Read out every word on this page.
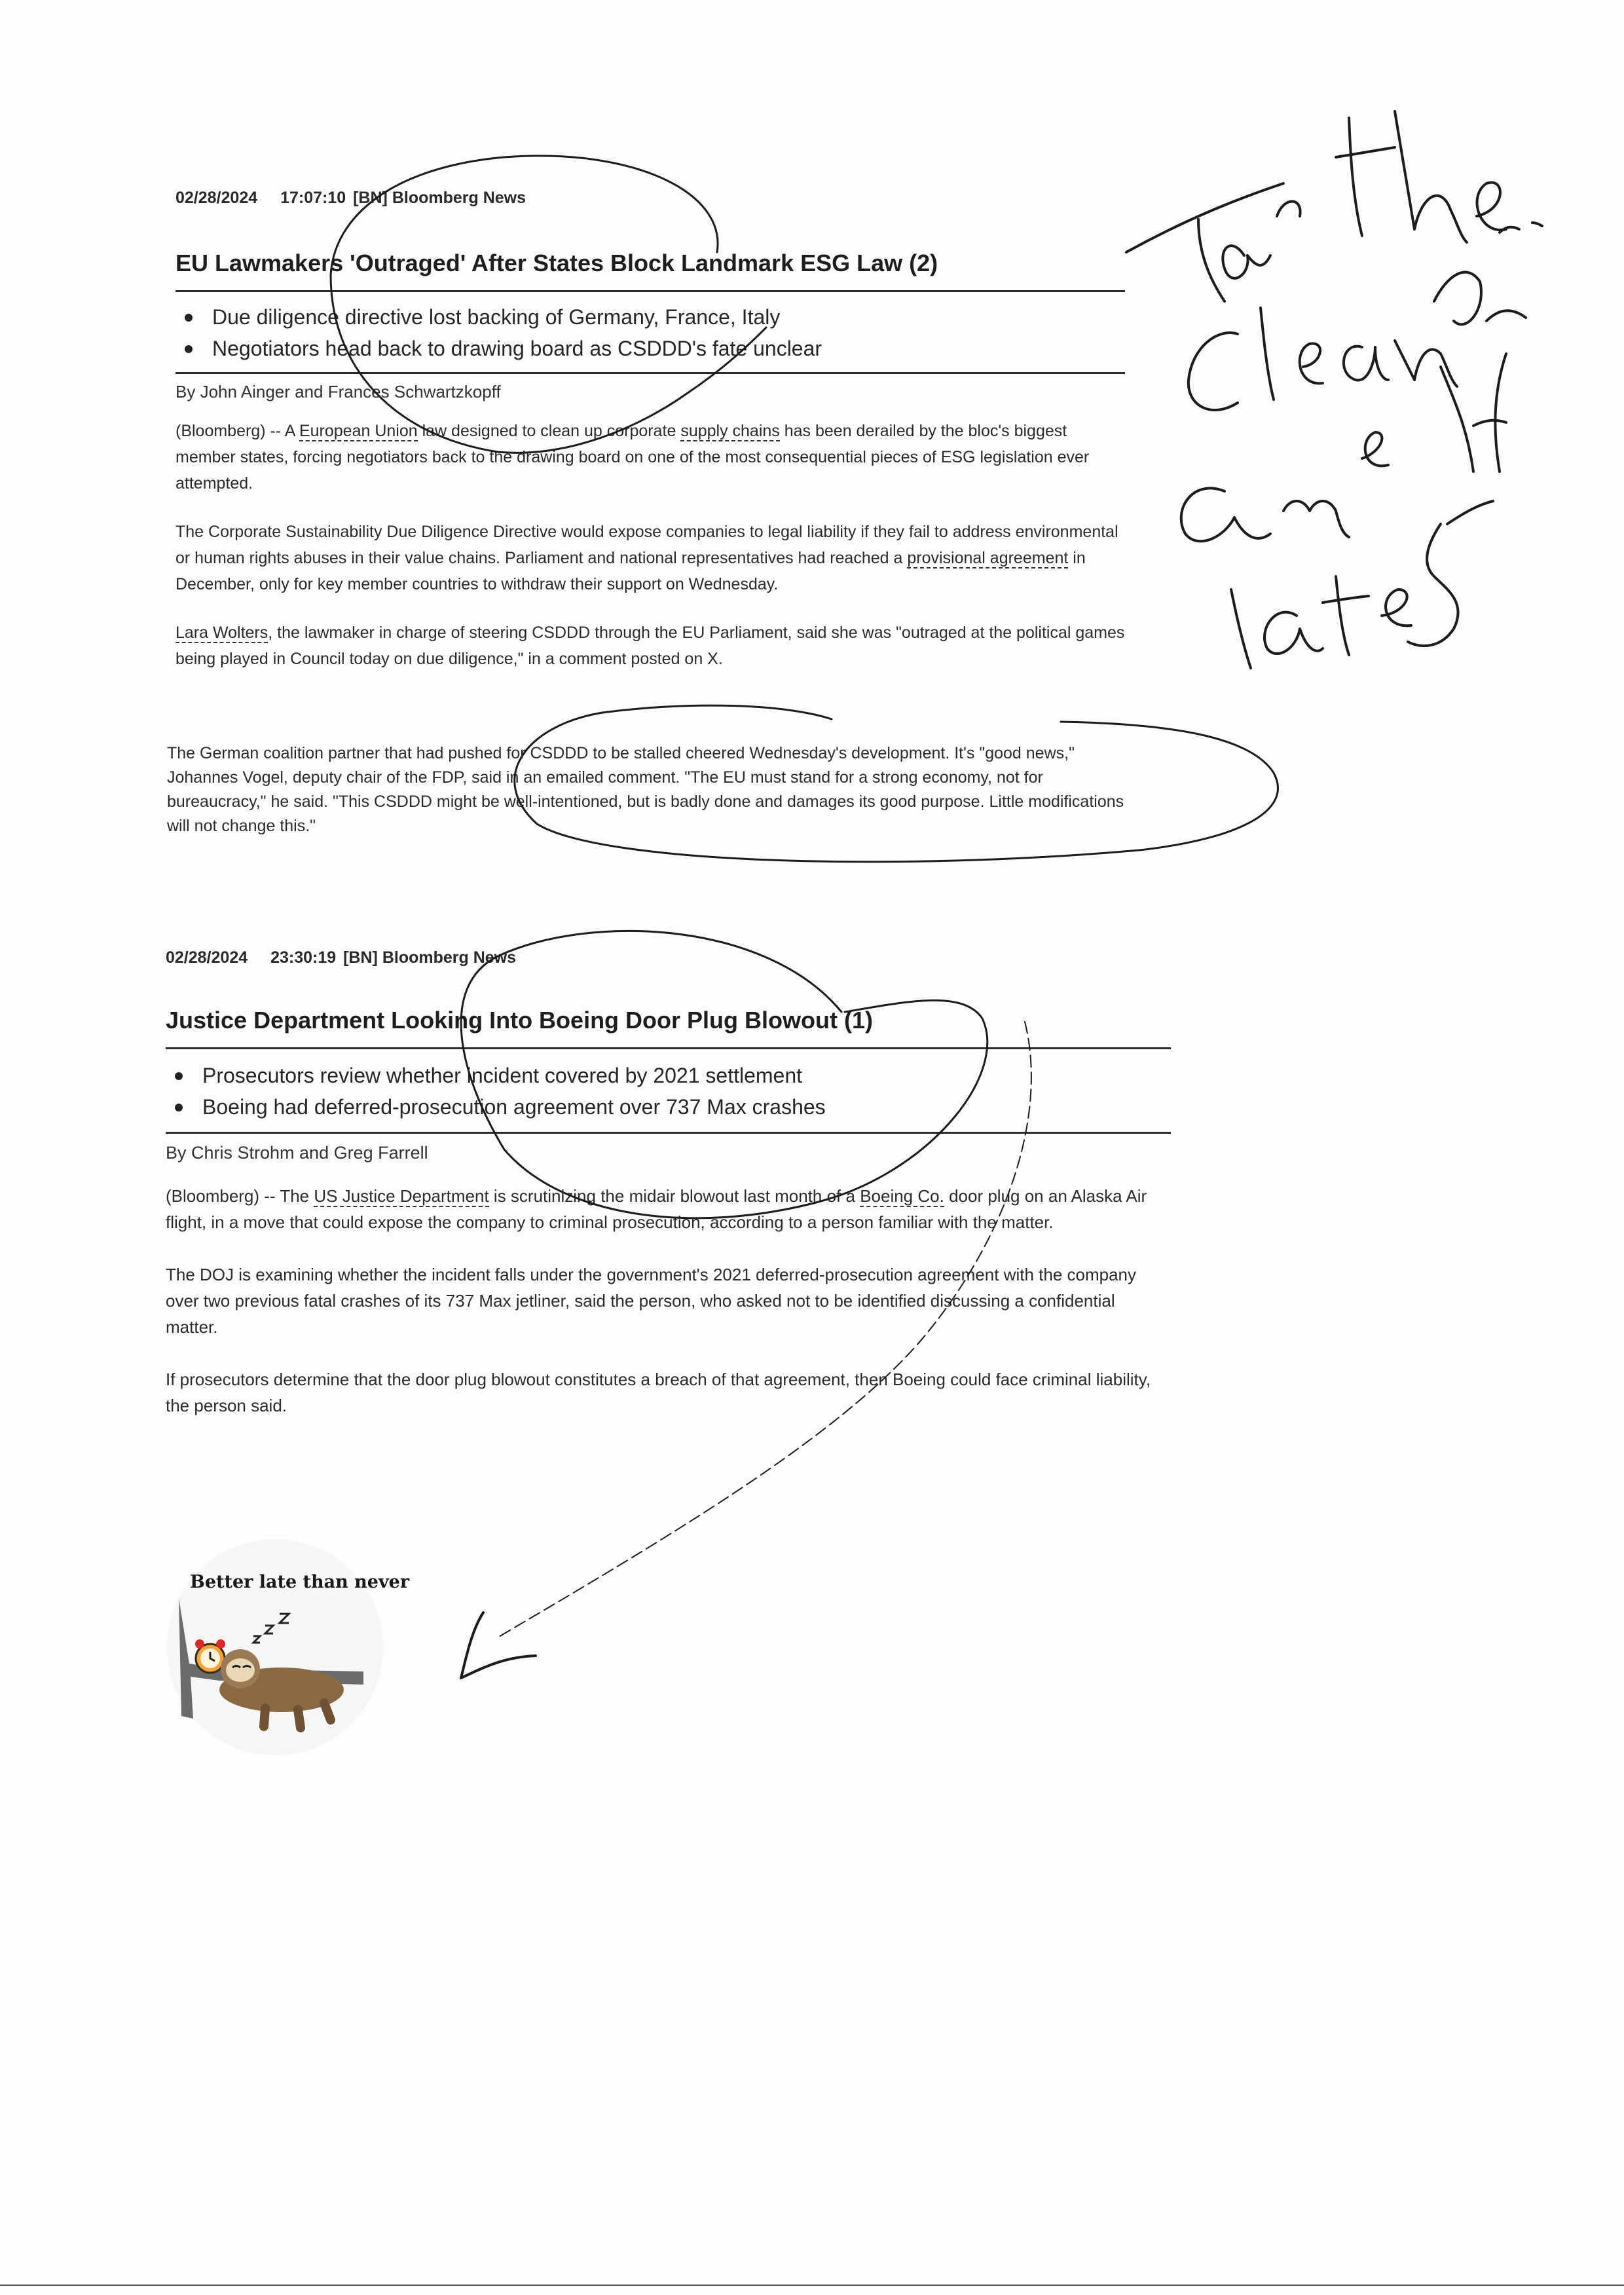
02/28/2024 17:07:10 [BN] Bloomberg News
EU Lawmakers 'Outraged' After States Block Landmark ESG Law (2)
Due diligence directive lost backing of Germany, France, Italy
Negotiators head back to drawing board as CSDDD's fate unclear
By John Ainger and Frances Schwartzkopff

(Bloomberg) -- A European Union law designed to clean up corporate supply chains has been derailed by the bloc's biggest member states, forcing negotiators back to the drawing board on one of the most consequential pieces of ESG legislation ever attempted.

The Corporate Sustainability Due Diligence Directive would expose companies to legal liability if they fail to address environmental or human rights abuses in their value chains. Parliament and national representatives had reached a provisional agreement in December, only for key member countries to withdraw their support on Wednesday.

Lara Wolters, the lawmaker in charge of steering CSDDD through the EU Parliament, said she was "outraged at the political games being played in Council today on due diligence," in a comment posted on X.

The German coalition partner that had pushed for CSDDD to be stalled cheered Wednesday's development. It's "good news," Johannes Vogel, deputy chair of the FDP, said in an emailed comment. "The EU must stand for a strong economy, not for bureaucracy," he said. "This CSDDD might be well-intentioned, but is badly done and damages its good purpose. Little modifications will not change this."

02/28/2024 23:30:19 [BN] Bloomberg News
Justice Department Looking Into Boeing Door Plug Blowout (1)
Prosecutors review whether incident covered by 2021 settlement
Boeing had deferred-prosecution agreement over 737 Max crashes
By Chris Strohm and Greg Farrell

(Bloomberg) -- The US Justice Department is scrutinizing the midair blowout last month of a Boeing Co. door plug on an Alaska Air flight, in a move that could expose the company to criminal prosecution, according to a person familiar with the matter.

The DOJ is examining whether the incident falls under the government's 2021 deferred-prosecution agreement with the company over two previous fatal crashes of its 737 Max jetliner, said the person, who asked not to be identified discussing a confidential matter.

If prosecutors determine that the door plug blowout constitutes a breach of that agreement, then Boeing could face criminal liability, the person said.

Better late than never
